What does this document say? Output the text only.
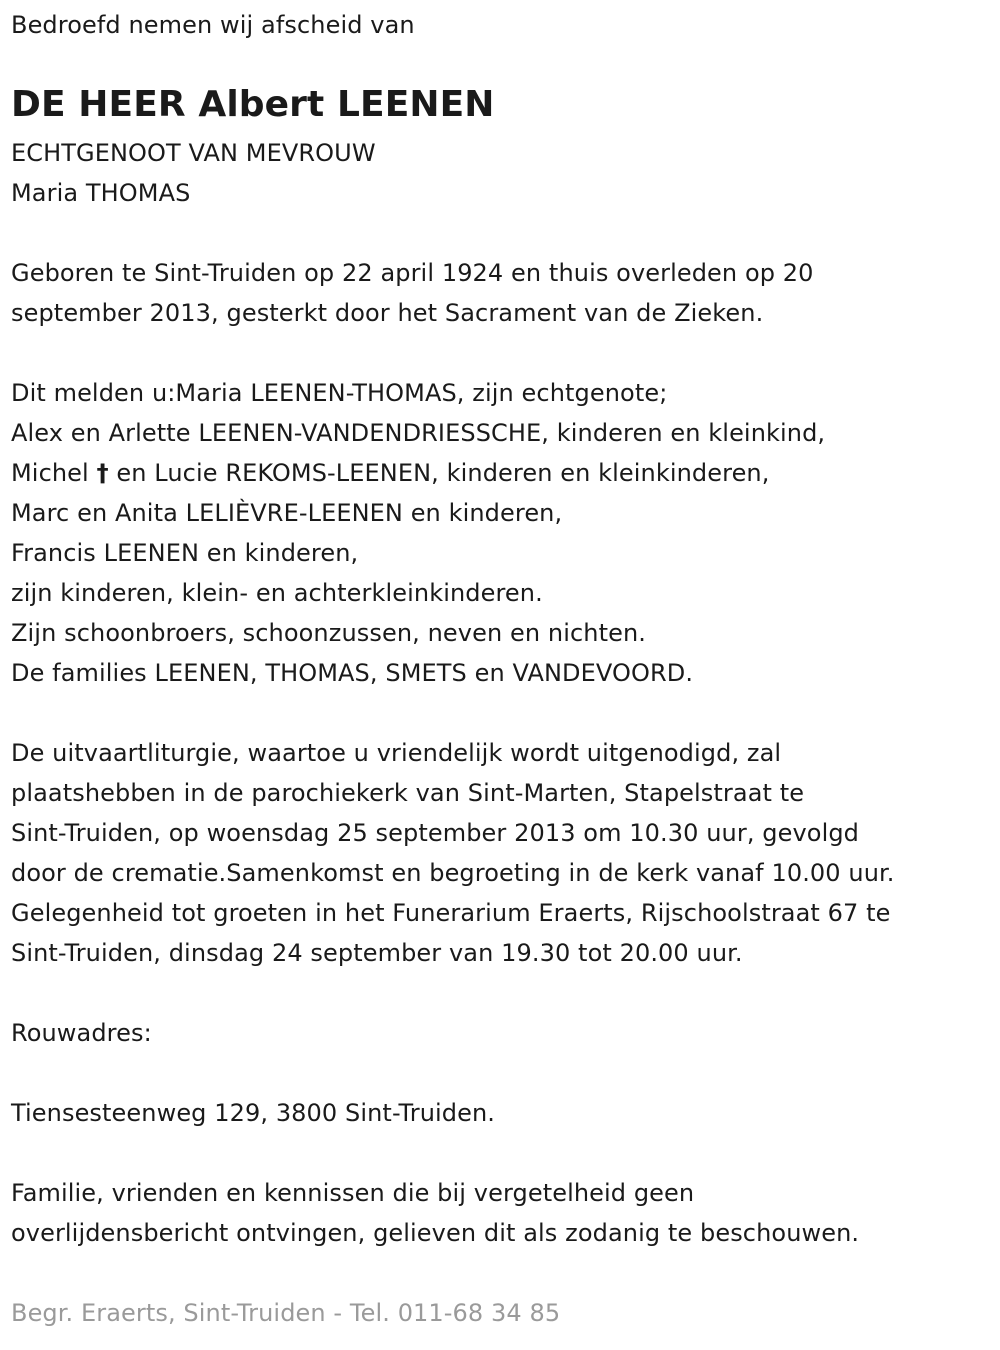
Bedroefd nemen wij afscheid van
DE HEER Albert LEENEN
ECHTGENOOT VAN MEVROUW
Maria THOMAS
Geboren te Sint-Truiden op 22 april 1924 en thuis overleden op 20
september 2013, gesterkt door het Sacrament van de Zieken.
Dit melden u:Maria LEENEN-THOMAS, zijn echtgenote;
Alex en Arlette LEENEN-VANDENDRIESSCHE, kinderen en kleinkind,
Michel † en Lucie REKOMS-LEENEN, kinderen en kleinkinderen,
Marc en Anita LELIÈVRE-LEENEN en kinderen,
Francis LEENEN en kinderen,
zijn kinderen, klein- en achterkleinkinderen.
Zijn schoonbroers, schoonzussen, neven en nichten.
De families LEENEN, THOMAS, SMETS en VANDEVOORD.
De uitvaartliturgie, waartoe u vriendelijk wordt uitgenodigd, zal
plaatshebben in de parochiekerk van Sint-Marten, Stapelstraat te
Sint-Truiden, op woensdag 25 september 2013 om 10.30 uur, gevolgd
door de crematie.Samenkomst en begroeting in de kerk vanaf 10.00 uur.
Gelegenheid tot groeten in het Funerarium Eraerts, Rijschoolstraat 67 te
Sint-Truiden, dinsdag 24 september van 19.30 tot 20.00 uur.
Rouwadres:
Tiensesteenweg 129, 3800 Sint-Truiden.
Familie, vrienden en kennissen die bij vergetelheid geen
overlijdensbericht ontvingen, gelieven dit als zodanig te beschouwen.
Begr. Eraerts, Sint-Truiden - Tel. 011-68 34 85
